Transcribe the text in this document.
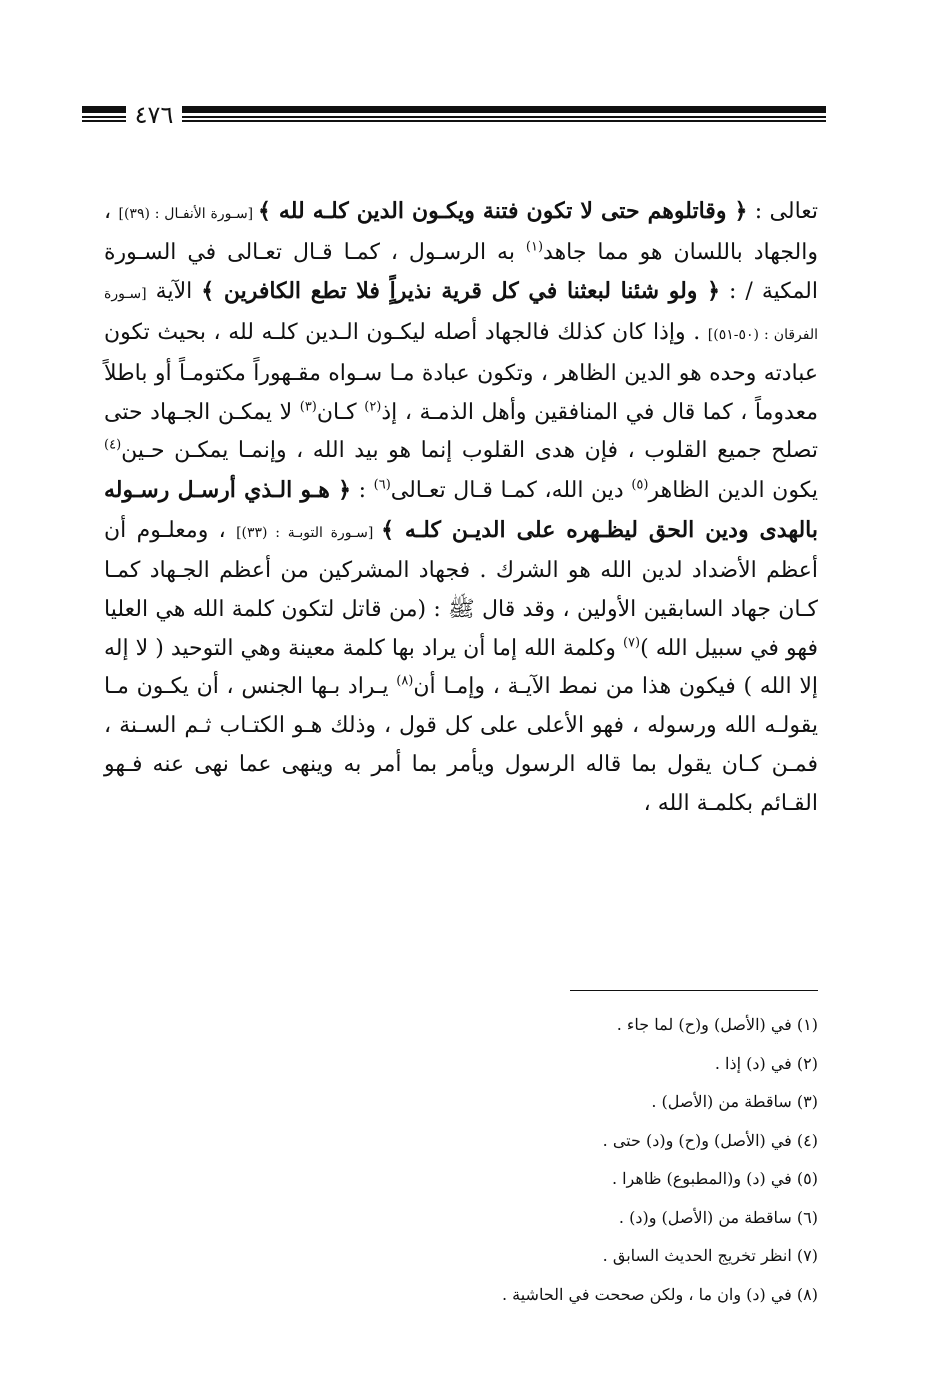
٤٧٦

تعالى : ﴿ وقاتلوهم حتى لا تكون فتنة ويكـون الدين كلـه لله ﴾ [سـورة الأنفـال : (٣٩)] ، والجهاد باللسان هو مما جاهد$^{(١)}$ به الرسـول ، كمـا قـال تعـالى في السـورة المكية / : ﴿ ولو شئنا لبعثنا في كل قرية نذيراًٍ فلا تطع الكافرين ﴾ الآية [سـورة الفرقان : (٥٠-٥١)] . وإذا كان كذلك فالجهاد أصله ليكـون الـدين كلـه لله ، بحيث تكون عبادته وحده هو الدين الظاهر ، وتكون عبادة مـا سـواه مقـهوراً مكتومـاً أو باطلاً معدوماً ، كما قال في المنافقين وأهل الذمـة ، إذ$^{(٢)}$ كـان$^{(٣)}$ لا يمكـن الجـهاد حتى تصلح جميع القلوب ، فإن هدى القلوب إنما هو بيد الله ، وإنمـا يمكـن حـين$^{(٤)}$ يكون الدين الظاهر$^{(٥)}$ دين الله، كمـا قـال تعـالى$^{(٦)}$ : ﴿ هـو الـذي أرسـل رسـوله بالهدى ودين الحق ليظـهره على الديـن كلـه ﴾ [سـورة التوبـة : (٣٣)] ، ومعلـوم أن أعظم الأضداد لدين الله هو الشرك . فجهاد المشركين من أعظم الجـهاد كمـا كـان جهاد السابقين الأولين ، وقد قال ﷺ : (من قاتل لتكون كلمة الله هي العليا فهو في سبيل الله )$^{(٧)}$ وكلمة الله إما أن يراد بها كلمة معينة وهي التوحيد ( لا إله إلا الله ) فيكون هذا من نمط الآيـة ، وإمـا أن$^{(٨)}$ يـراد بـها الجنس ، أن يكـون مـا يقولـه الله ورسوله ، فهو الأعلى على كل قول ، وذلك هـو الكتـاب ثـم السـنة ، فمـن كـان يقول بما قاله الرسول ويأمر بما أمر به وينهى عما نهى عنه فـهو القـائم بكلمـة الله ،

(١) في (الأصل) و(ح) لما جاء .
(٢) في (د) إذا .
(٣) ساقطة من (الأصل) .
(٤) في (الأصل) و(ح) و(د) حتى .
(٥) في (د) و(المطبوع) ظاهرا .
(٦) ساقطة من (الأصل) و(د) .
(٧) انظر تخريج الحديث السابق .
(٨) في (د) وان ما ، ولكن صححت في الحاشية .
